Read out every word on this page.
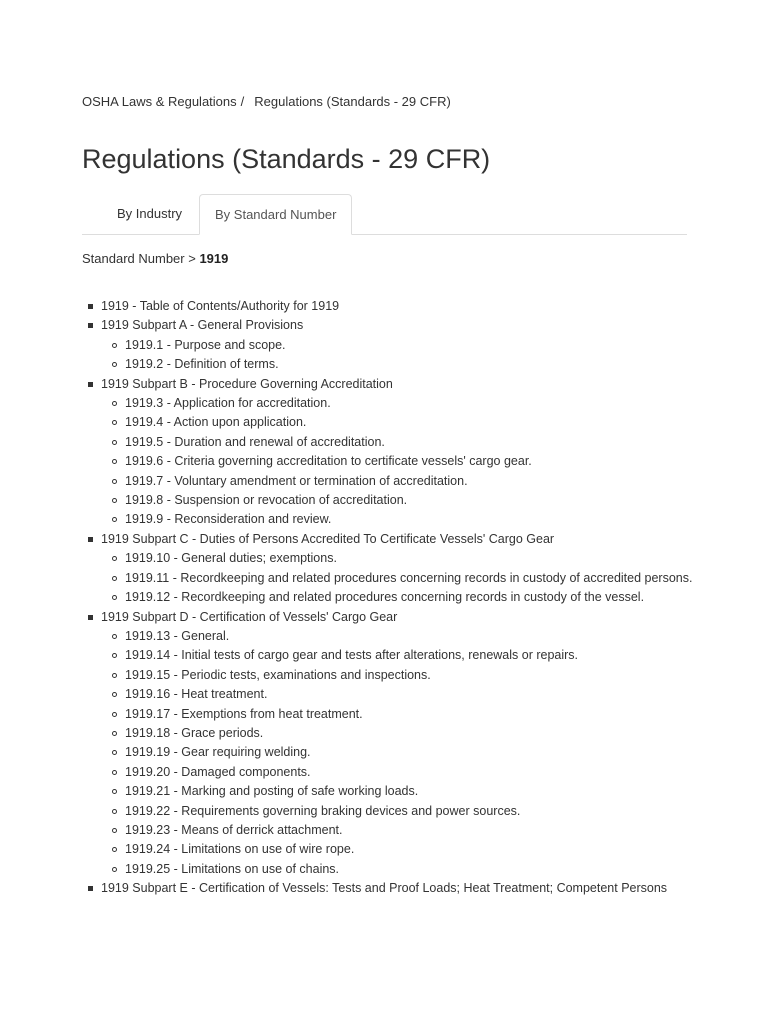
OSHA Laws & Regulations / Regulations (Standards - 29 CFR)
Regulations (Standards - 29 CFR)
By Industry	By Standard Number
Standard Number > 1919
1919 - Table of Contents/Authority for 1919
1919 Subpart A - General Provisions
1919.1 - Purpose and scope.
1919.2 - Definition of terms.
1919 Subpart B - Procedure Governing Accreditation
1919.3 - Application for accreditation.
1919.4 - Action upon application.
1919.5 - Duration and renewal of accreditation.
1919.6 - Criteria governing accreditation to certificate vessels' cargo gear.
1919.7 - Voluntary amendment or termination of accreditation.
1919.8 - Suspension or revocation of accreditation.
1919.9 - Reconsideration and review.
1919 Subpart C - Duties of Persons Accredited To Certificate Vessels' Cargo Gear
1919.10 - General duties; exemptions.
1919.11 - Recordkeeping and related procedures concerning records in custody of accredited persons.
1919.12 - Recordkeeping and related procedures concerning records in custody of the vessel.
1919 Subpart D - Certification of Vessels' Cargo Gear
1919.13 - General.
1919.14 - Initial tests of cargo gear and tests after alterations, renewals or repairs.
1919.15 - Periodic tests, examinations and inspections.
1919.16 - Heat treatment.
1919.17 - Exemptions from heat treatment.
1919.18 - Grace periods.
1919.19 - Gear requiring welding.
1919.20 - Damaged components.
1919.21 - Marking and posting of safe working loads.
1919.22 - Requirements governing braking devices and power sources.
1919.23 - Means of derrick attachment.
1919.24 - Limitations on use of wire rope.
1919.25 - Limitations on use of chains.
1919 Subpart E - Certification of Vessels: Tests and Proof Loads; Heat Treatment; Competent Persons
